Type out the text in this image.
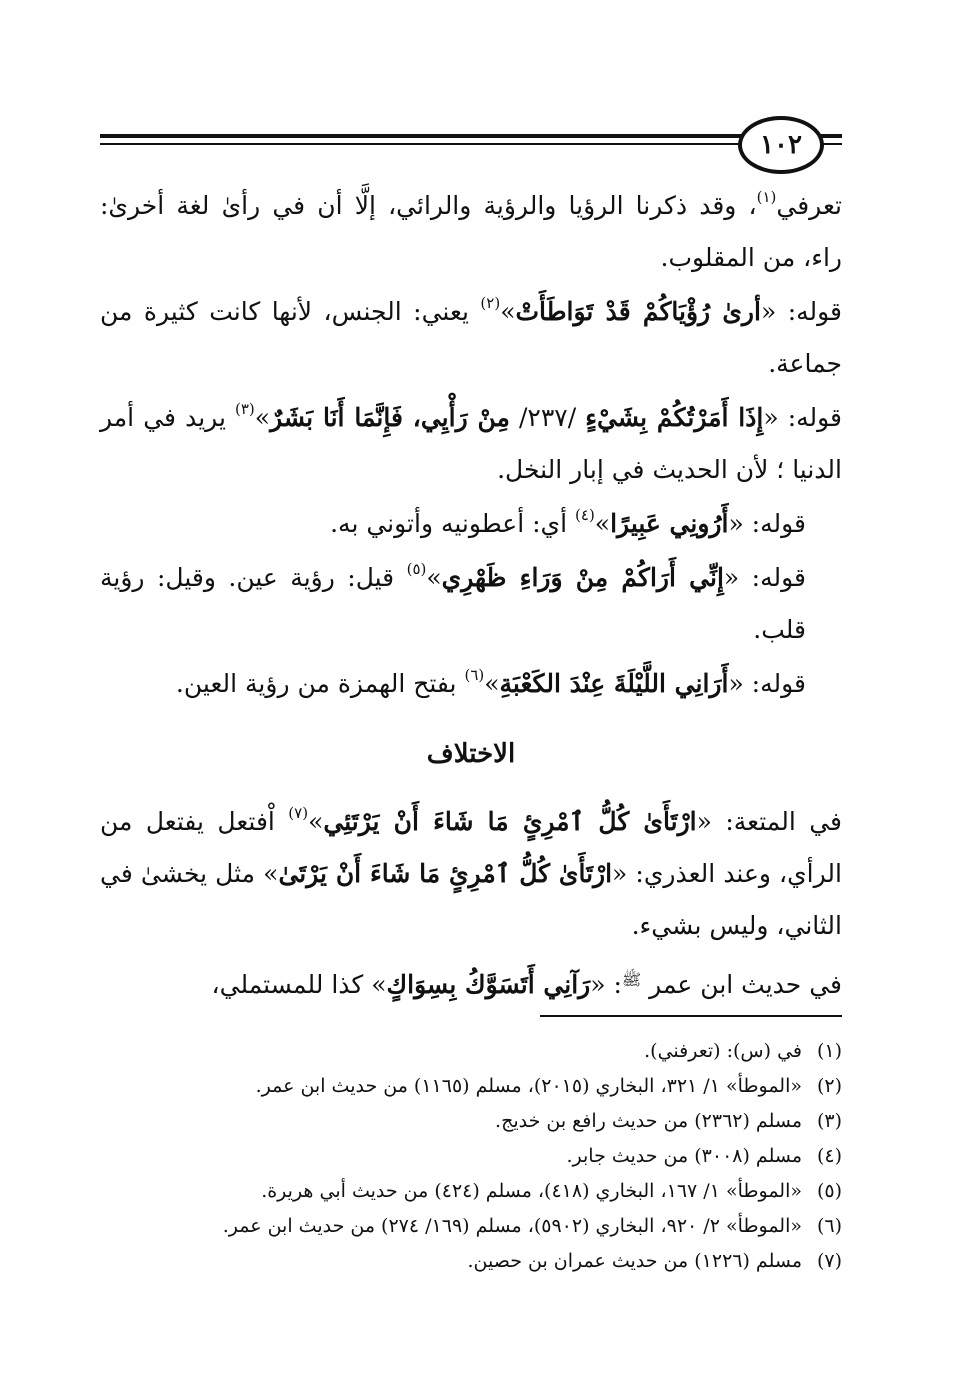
١٠٢

تعرفي$^{(١)}$، وقد ذكرنا الرؤيا والرؤية والرائي، إلَّا أن في رأىٰ لغة أخرىٰ: راء، من المقلوب.

قوله: «أرىٰ رُؤْيَاكُمْ قَدْ تَوَاطَأَتْ»$^{(٢)}$ يعني: الجنس، لأنها كانت كثيرة من جماعة.

قوله: «إِذَا أَمَرْتُكُمْ بِشَيْءٍ /٢٣٧/ مِنْ رَأْيِي، فَإِنَّمَا أَنَا بَشَرٌ»$^{(٣)}$ يريد في أمر الدنيا ؛ لأن الحديث في إبار النخل.

قوله: «أَرُونِي عَبِيرًا»$^{(٤)}$ أي: أعطونيه وأتوني به.

قوله: «إِنِّي أَرَاكُمْ مِنْ وَرَاءِ ظَهْرِي»$^{(٥)}$ قيل: رؤية عين. وقيل: رؤية قلب.

قوله: «أَرَانِي اللَّيْلَةَ عِنْدَ الكَعْبَةِ»$^{(٦)}$ بفتح الهمزة من رؤية العين.

الاختلاف

في المتعة: «ارْتَأَىٰ كُلُّ ٱمْرِئٍ مَا شَاءَ أَنْ يَرْتَئِي»$^{(٧)}$ اْفتعل يفتعل من الرأي، وعند العذري: «ارْتَأَىٰ كُلُّ ٱمْرِئٍ مَا شَاءَ أَنْ يَرْتَىٰ» مثل يخشىٰ في الثاني، وليس بشيء.

في حديث ابن عمر $^ﷺ$: «رَآنِي أَتَسَوَّكُ بِسِوَاكٍ» كذا للمستملي،

(١)في (س): (تعرفني).
(٢)«الموطأ» ١/ ٣٢١، البخاري (٢٠١٥)، مسلم (١١٦٥) من حديث ابن عمر.
(٣)مسلم (٢٣٦٢) من حديث رافع بن خديج.
(٤)مسلم (٣٠٠٨) من حديث جابر.
(٥)«الموطأ» ١/ ١٦٧، البخاري (٤١٨)، مسلم (٤٢٤) من حديث أبي هريرة.
(٦)«الموطأ» ٢/ ٩٢٠، البخاري (٥٩٠٢)، مسلم (١٦٩/ ٢٧٤) من حديث ابن عمر.
(٧)مسلم (١٢٢٦) من حديث عمران بن حصين.
